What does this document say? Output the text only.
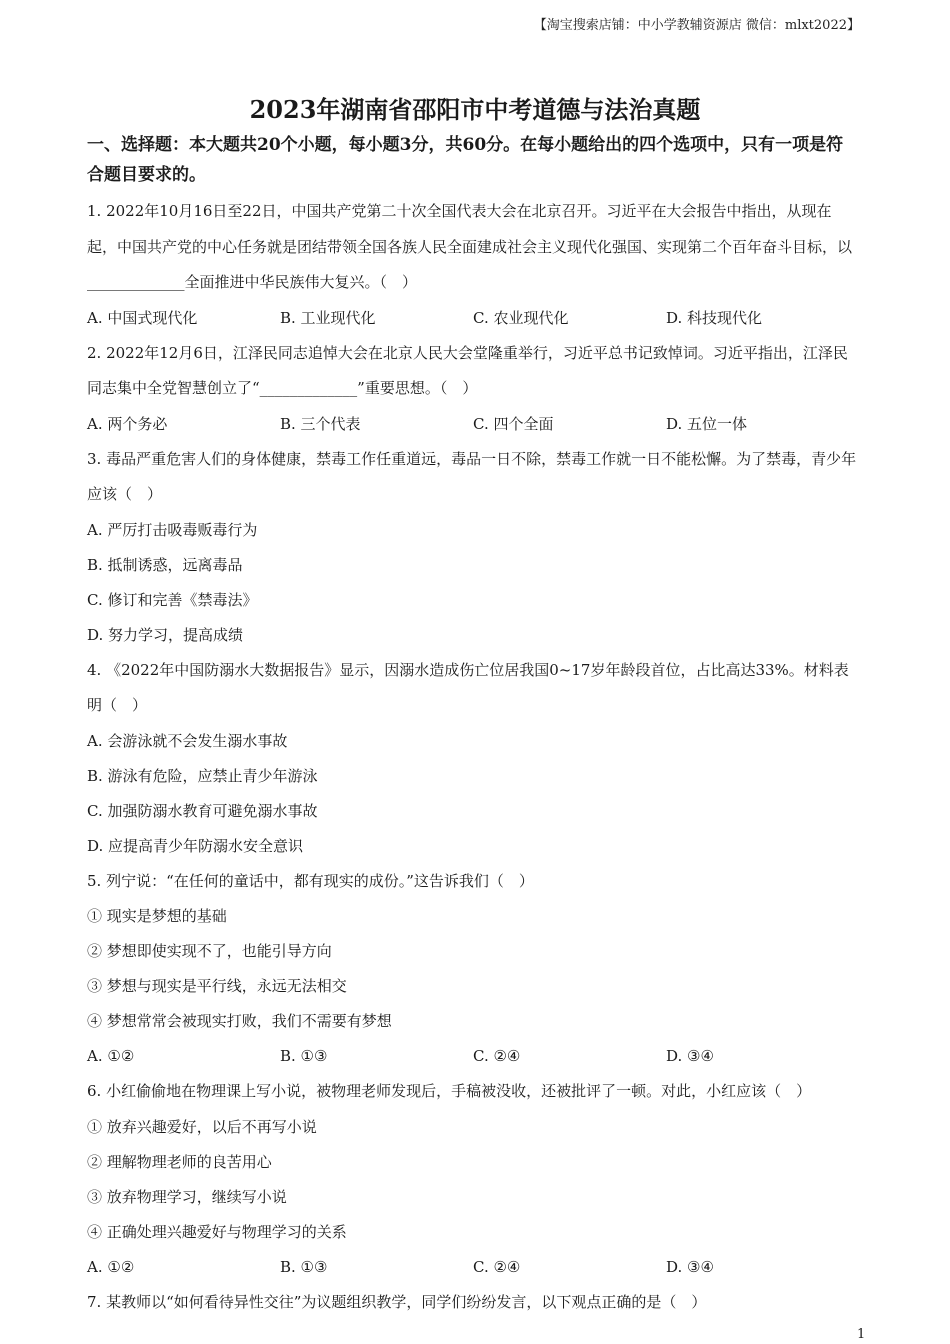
【淘宝搜索店铺：中小学教辅资源店 微信：mlxt2022】
2023年湖南省邵阳市中考道德与法治真题
一、选择题：本大题共20个小题，每小题3分，共60分。在每小题给出的四个选项中，只有一项是符合题目要求的。

1. 2022年10月16日至22日，中国共产党第二十次全国代表大会在北京召开。习近平在大会报告中指出，从现在起，中国共产党的中心任务就是团结带领全国各族人民全面建成社会主义现代化强国、实现第二个百年奋斗目标，以_____________全面推进中华民族伟大复兴。（　）

A. 中国式现代化	B. 工业现代化	C. 农业现代化	D. 科技现代化

2. 2022年12月6日，江泽民同志追悼大会在北京人民大会堂隆重举行，习近平总书记致悼词。习近平指出，江泽民同志集中全党智慧创立了“_____________”重要思想。（　）

A. 两个务必	B. 三个代表	C. 四个全面	D. 五位一体

3. 毒品严重危害人们的身体健康，禁毒工作任重道远，毒品一日不除，禁毒工作就一日不能松懈。为了禁毒，青少年应该（　）

A. 严厉打击吸毒贩毒行为
B. 抵制诱惑，远离毒品
C. 修订和完善《禁毒法》
D. 努力学习，提高成绩

4. 《2022年中国防溺水大数据报告》显示，因溺水造成伤亡位居我国0~17岁年龄段首位，占比高达33%。材料表明（　）

A. 会游泳就不会发生溺水事故
B. 游泳有危险，应禁止青少年游泳
C. 加强防溺水教育可避免溺水事故
D. 应提高青少年防溺水安全意识

5. 列宁说：“在任何的童话中，都有现实的成份。”这告诉我们（　）

① 现实是梦想的基础

② 梦想即使实现不了，也能引导方向

③ 梦想与现实是平行线，永远无法相交

④ 梦想常常会被现实打败，我们不需要有梦想

A. ①②	B. ①③	C. ②④	D. ③④

6. 小红偷偷地在物理课上写小说，被物理老师发现后，手稿被没收，还被批评了一顿。对此，小红应该（　）

① 放弃兴趣爱好，以后不再写小说

② 理解物理老师的良苦用心

③ 放弃物理学习，继续写小说

④ 正确处理兴趣爱好与物理学习的关系

A. ①②	B. ①③	C. ②④	D. ③④

7. 某教师以“如何看待异性交往”为议题组织教学，同学们纷纷发言，以下观点正确的是（　）

1
